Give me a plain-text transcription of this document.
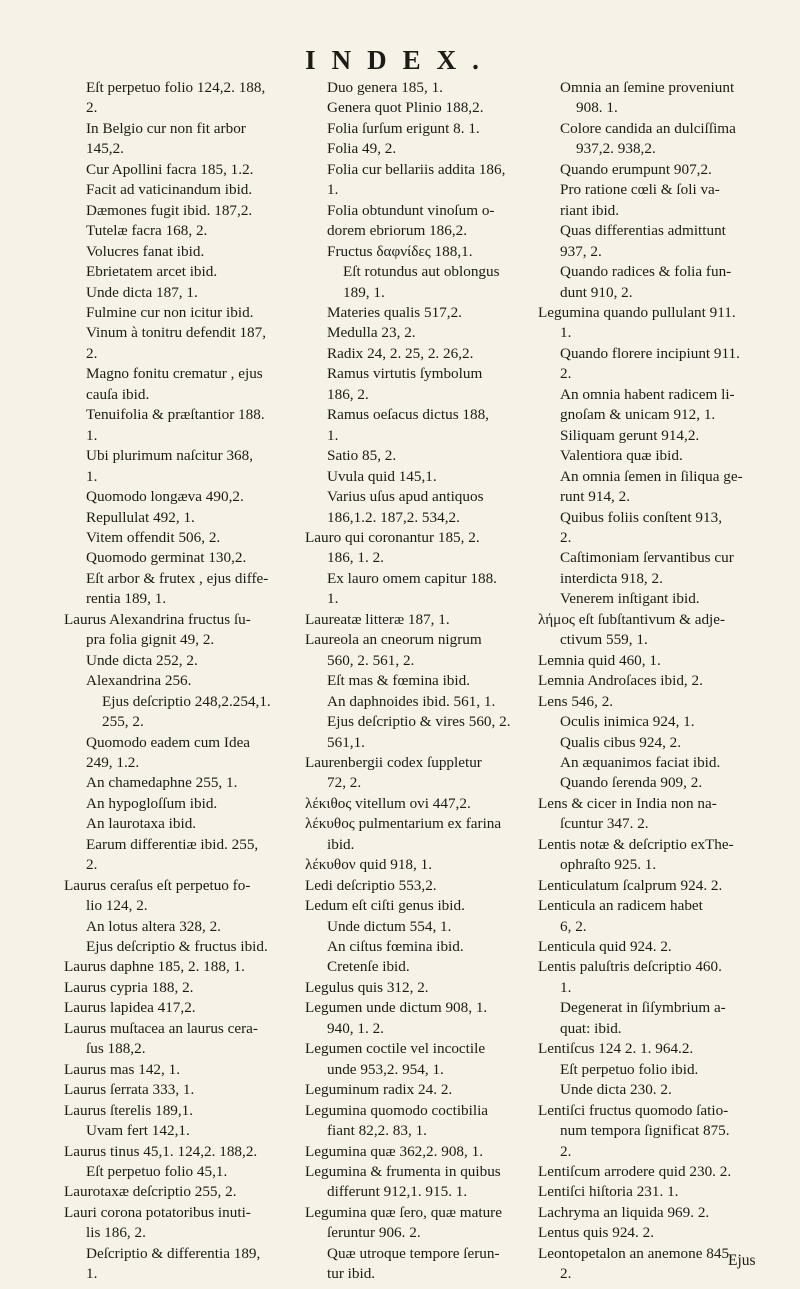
INDEX.
Eſt perpetuo folio 124,2. 188,
2.
In Belgio cur non fit arbor
145,2.
Cur Apollini facra 185, 1.2.
Facit ad vaticinandum ibid.
Dæmones fugit ibid. 187,2.
Tutelæ facra 168, 2.
Volucres fanat ibid.
Ebrietatem arcet ibid.
Unde dicta 187, 1.
Fulmine cur non icitur ibid.
Vinum à tonitru defendit 187,
2.
Magno fonitu crematur , ejus
cauſa ibid.
Tenuifolia & præſtantior 188.
1.
Ubi plurimum naſcitur 368,
1.
Quomodo longæva 490,2.
Repullulat 492, 1.
Vitem offendit 506, 2.
Quomodo germinat 130,2.
Eſt arbor & frutex , ejus diffe-
rentia 189, 1.
Laurus Alexandrina fructus ſu-
pra folia gignit 49, 2.
Unde dicta 252, 2.
Alexandrina 256.
Ejus deſcriptio 248,2.254,1.
255, 2.
Quomodo eadem cum Idea
249, 1.2.
An chamedaphne 255, 1.
An hypogloſſum ibid.
An laurotaxa ibid.
Earum differentiæ ibid. 255,
2.
Laurus ceraſus eſt perpetuo fo-
lio 124, 2.
An lotus altera 328, 2.
Ejus deſcriptio & fructus ibid.
Laurus daphne 185, 2. 188, 1.
Laurus cypria 188, 2.
Laurus lapidea 417,2.
Laurus muſtacea an laurus cera-
ſus 188,2.
Laurus mas 142, 1.
Laurus ſerrata 333, 1.
Laurus ſterelis 189,1.
Uvam fert 142,1.
Laurus tinus 45,1. 124,2. 188,2.
Eſt perpetuo folio 45,1.
Laurotaxæ deſcriptio 255, 2.
Lauri corona potatoribus inuti-
lis 186, 2.
Deſcriptio & differentia 189,
1.
Duo genera 185, 1.
Genera quot Plinio 188,2.
Folia ſurſum erigunt 8. 1.
Folia 49, 2.
Folia cur bellariis addita 186,
1.
Folia obtundunt vinoſum o-
dorem ebriorum 186,2.
Fructus δαφνίδες 188,1.
Eſt rotundus aut oblongus
189, 1.
Materies qualis 517,2.
Medulla 23, 2.
Radix 24, 2. 25, 2. 26,2.
Ramus virtutis ſymbolum
186, 2.
Ramus oeſacus dictus 188,
1.
Satio 85, 2.
Uvula quid 145,1.
Varius uſus apud antiquos
186,1.2. 187,2. 534,2.
Lauro qui coronantur 185, 2.
186, 1. 2.
Ex lauro omem capitur 188.
1.
Laureatæ litteræ 187, 1.
Laureola an cneorum nigrum
560, 2. 561, 2.
Eſt mas & fœmina ibid.
An daphnoides ibid. 561, 1.
Ejus deſcriptio & vires 560, 2.
561,1.
Laurenbergii codex ſuppletur
72, 2.
λέκιθος vitellum ovi 447,2.
λέκυθος pulmentarium ex farina
ibid.
λέκυθον quid 918, 1.
Ledi deſcriptio 553,2.
Ledum eſt ciſti genus ibid.
Unde dictum 554, 1.
An ciſtus fœmina ibid.
Cretenſe ibid.
Legulus quis 312, 2.
Legumen unde dictum 908, 1.
940, 1. 2.
Legumen coctile vel incoctile
unde 953,2. 954, 1.
Leguminum radix 24. 2.
Legumina quomodo coctibilia
fiant 82,2. 83, 1.
Legumina quæ 362,2. 908, 1.
Legumina & frumenta in quibus
differunt 912,1. 915. 1.
Legumina quæ ſero, quæ mature
ſeruntur 906. 2.
Quæ utroque tempore ſerun-
tur ibid.
Omnia an ſemine proveniunt
908. 1.
Colore candida an dulciſſima
937,2. 938,2.
Quando erumpunt 907,2.
Pro ratione cœli & ſoli va-
riant ibid.
Quas differentias admittunt
937, 2.
Quando radices & folia fun-
dunt 910, 2.
Legumina quando pullulant 911.
1.
Quando florere incipiunt 911.
2.
An omnia habent radicem li-
gnoſam & unicam 912, 1.
Siliquam gerunt 914,2.
Valentiora quæ ibid.
An omnia ſemen in ſiliqua ge-
runt 914, 2.
Quibus foliis conſtent 913,
2.
Caſtimoniam ſervantibus cur
interdicta 918, 2.
Venerem inſtigant ibid.
λήμος eſt ſubſtantivum & adje-
ctivum 559, 1.
Lemnia quid 460, 1.
Lemnia Androſaces ibid, 2.
Lens 546, 2.
Oculis inimica 924, 1.
Qualis cibus 924, 2.
An æquanimos faciat ibid.
Quando ſerenda 909, 2.
Lens & cicer in India non na-
ſcuntur 347. 2.
Lentis notæ & deſcriptio exThe-
ophraſto 925. 1.
Lenticulatum ſcalprum 924. 2.
Lenticula an radicem habet
6, 2.
Lenticula quid 924. 2.
Lentis paluſtris deſcriptio 460.
1.
Degenerat in ſiſymbrium a-
quat: ibid.
Lentiſcus 124 2. 1. 964.2.
Eſt perpetuo folio ibid.
Unde dicta 230. 2.
Lentiſci fructus quomodo ſatio-
num tempora ſignificat 875.
2.
Lentiſcum arrodere quid 230. 2.
Lentiſci hiſtoria 231. 1.
Lachryma an liquida 969. 2.
Lentus quis 924. 2.
Leontopetalon an anemone 845.
2.
Ejus
